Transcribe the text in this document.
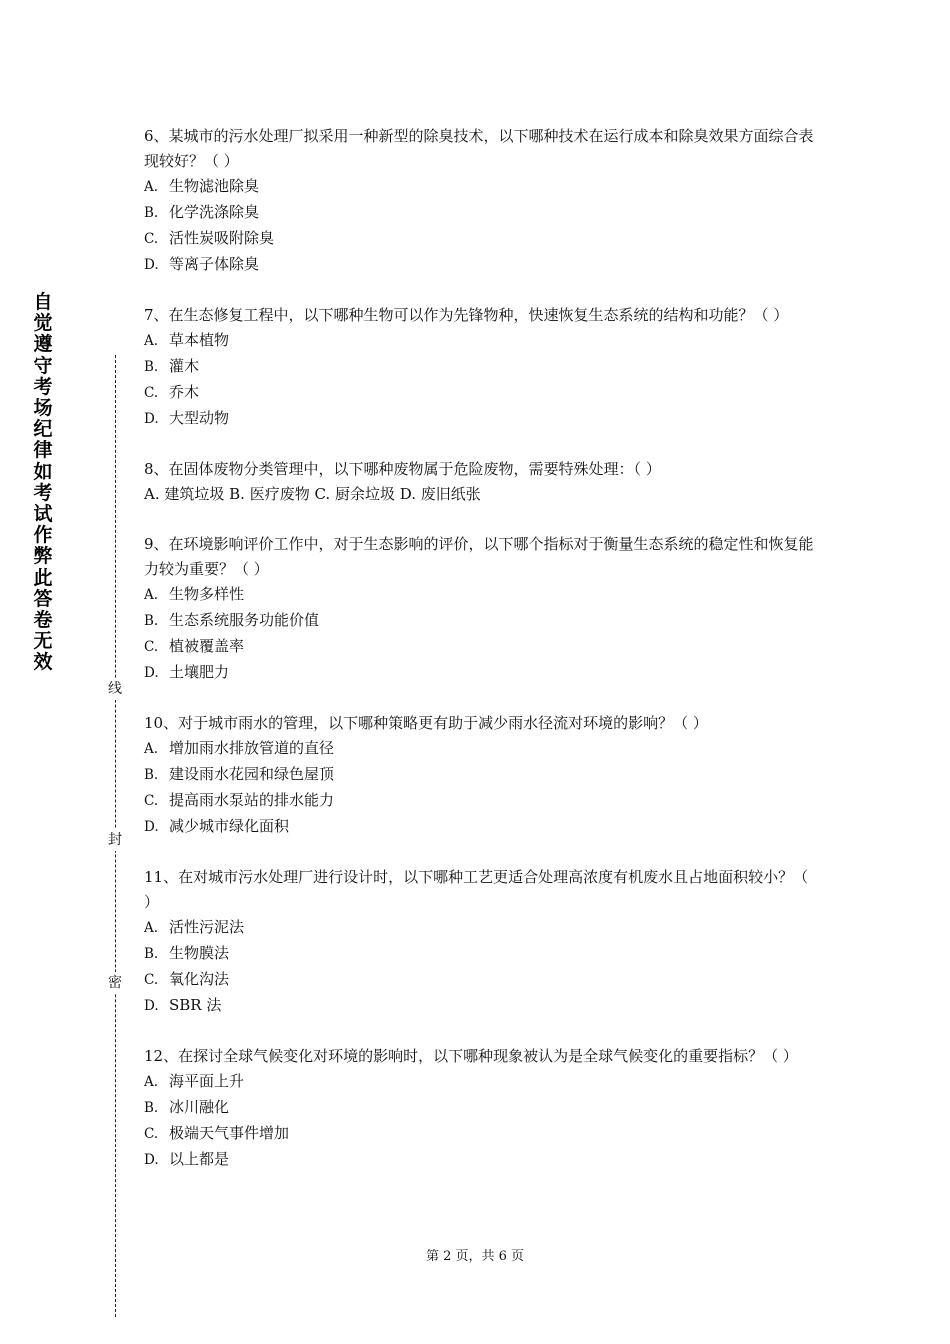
自觉遵守考场纪律如考试作弊此答卷无效
线
封
密
6、某城市的污水处理厂拟采用一种新型的除臭技术，以下哪种技术在运行成本和除臭效果方面综合表现较好？（ ）
A. 生物滤池除臭
B. 化学洗涤除臭
C. 活性炭吸附除臭
D. 等离子体除臭
7、在生态修复工程中，以下哪种生物可以作为先锋物种，快速恢复生态系统的结构和功能？（ ）
A. 草本植物
B. 灌木
C. 乔木
D. 大型动物
8、在固体废物分类管理中，以下哪种废物属于危险废物，需要特殊处理：（ ）
A. 建筑垃圾 B. 医疗废物 C. 厨余垃圾 D. 废旧纸张
9、在环境影响评价工作中，对于生态影响的评价，以下哪个指标对于衡量生态系统的稳定性和恢复能力较为重要？（ ）
A. 生物多样性
B. 生态系统服务功能价值
C. 植被覆盖率
D. 土壤肥力
10、对于城市雨水的管理，以下哪种策略更有助于减少雨水径流对环境的影响？（ ）
A. 增加雨水排放管道的直径
B. 建设雨水花园和绿色屋顶
C. 提高雨水泵站的排水能力
D. 减少城市绿化面积
11、在对城市污水处理厂进行设计时，以下哪种工艺更适合处理高浓度有机废水且占地面积较小？（ ）
A. 活性污泥法
B. 生物膜法
C. 氧化沟法
D. SBR 法
12、在探讨全球气候变化对环境的影响时，以下哪种现象被认为是全球气候变化的重要指标？（ ）
A. 海平面上升
B. 冰川融化
C. 极端天气事件增加
D. 以上都是
第 2 页，共 6 页
